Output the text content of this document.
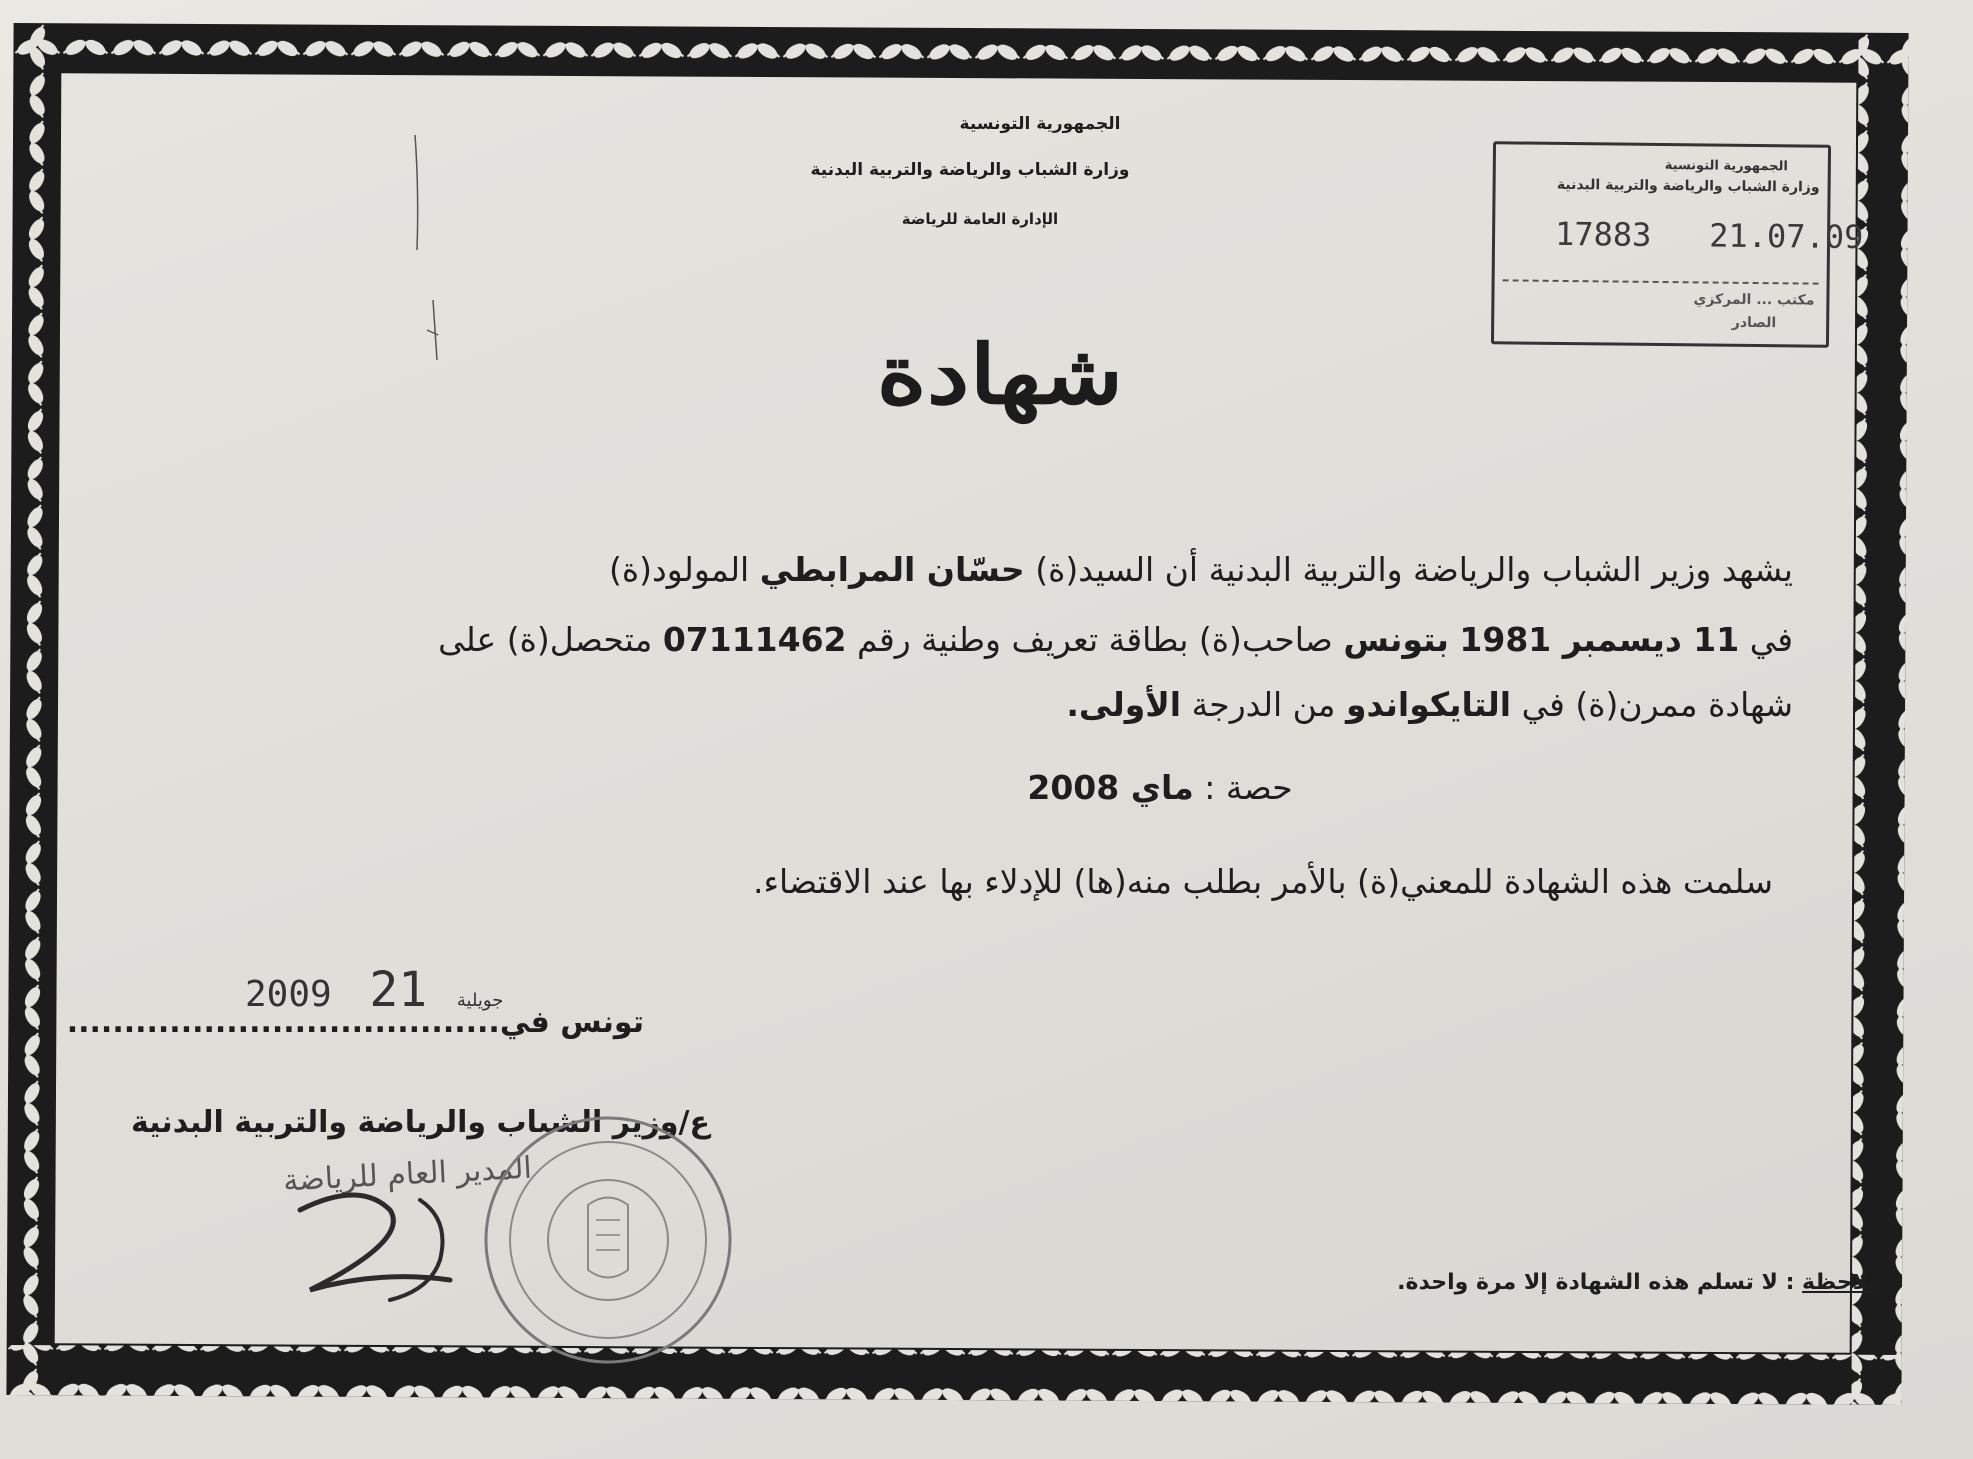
الجمهورية التونسية
وزارة الشباب والرياضة والتربية البدنية
الإدارة العامة للرياضة
الجمهورية التونسية
وزارة الشباب والرياضة والتربية البدنية
17883 21.07.09
مكتب ... المركزي
الصادر
شهادة
يشهد وزير الشباب والرياضة والتربية البدنية أن السيد(ة) حسّان المرابطي المولود(ة)
في 11 ديسمبر 1981 بتونس صاحب(ة) بطاقة تعريف وطنية رقم 07111462 متحصل(ة) على
شهادة ممرن(ة) في التايكواندو من الدرجة الأولى.
حصة : ماي 2008
سلمت هذه الشهادة للمعني(ة) بالأمر بطلب منه(ها) للإدلاء بها عند الاقتضاء.
2009	جويلية 21
تونس في......................................
ع/وزير الشباب والرياضة والتربية البدنية
المدير العام للرياضة
ملاحظة : لا تسلم هذه الشهادة إلا مرة واحدة.
